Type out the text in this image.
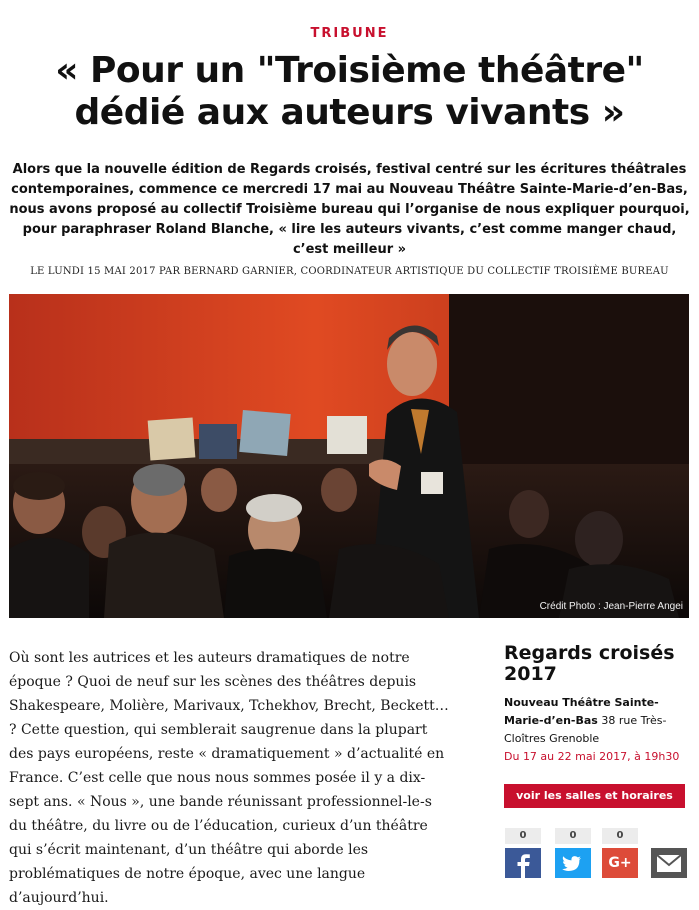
TRIBUNE
« Pour un "Troisième théâtre" dédié aux auteurs vivants »

Alors que la nouvelle édition de Regards croisés, festival centré sur les écritures théâtrales contemporaines, commence ce mercredi 17 mai au Nouveau Théâtre Sainte-Marie-d’en-Bas, nous avons proposé au collectif Troisième bureau qui l’organise de nous expliquer pourquoi, pour paraphraser Roland Blanche, « lire les auteurs vivants, c’est comme manger chaud, c’est meilleur »

LE LUNDI 15 MAI 2017 PAR BERNARD GARNIER, COORDINATEUR ARTISTIQUE DU COLLECTIF TROISIÈME BUREAU
Crédit Photo : Jean-Pierre Angei

Où sont les autrices et les auteurs dramatiques de notre époque ? Quoi de neuf sur les scènes des théâtres depuis Shakespeare, Molière, Marivaux, Tchekhov, Brecht, Beckett… ? Cette question, qui semblerait saugrenue dans la plupart des pays européens, reste « dramatiquement » d’actualité en France. C’est celle que nous nous sommes posée il y a dix-sept ans. « Nous », une bande réunissant professionnel-le-s du théâtre, du livre ou de l’éducation, curieux d’un théâtre qui s’écrit maintenant, d’un théâtre qui aborde les problématiques de notre époque, avec une langue d’aujourd’hui.

Regards croisés 2017
Nouveau Théâtre Sainte-Marie-d’en-Bas 38 rue Très-Cloîtres Grenoble
Du 17 au 22 mai 2017, à 19h30
voir les salles et horaires
0	0	0
G+
